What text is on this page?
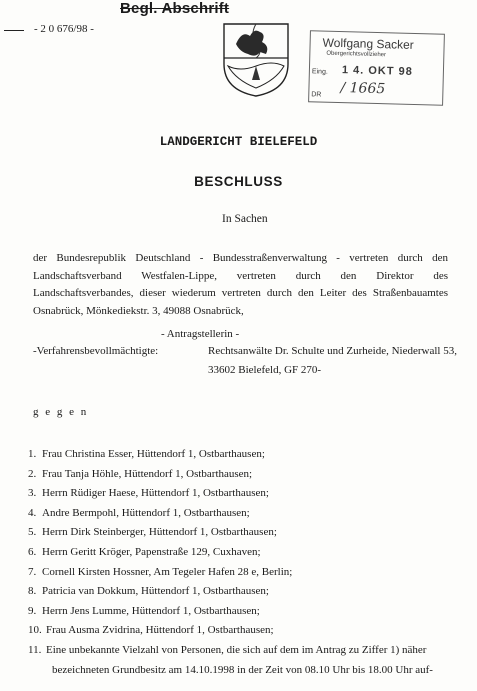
- 2 0 676/98 -
Begl. Abschrift
Wolfgang Sacker
Obergerichtsvollzieher
Eing. 1 4. OKT 98
DR / 1665
LANDGERICHT BIELEFELD
BESCHLUSS
In Sachen
der Bundesrepublik Deutschland - Bundesstraßenverwaltung - vertreten durch den Landschaftsverband Westfalen-Lippe, vertreten durch den Direktor des Landschaftsverbandes, dieser wiederum vertreten durch den Leiter des Straßenbauamtes Osnabrück, Mönkediekstr. 3, 49088 Osnabrück,
- Antragstellerin -
-Verfahrensbevollmächtigte:	Rechtsanwälte Dr. Schulte und Zurheide, Niederwall 53,
33602 Bielefeld, GF 270-
g e g e n
1. Frau Christina Esser, Hüttendorf 1, Ostbarthausen;
2. Frau Tanja Höhle, Hüttendorf 1, Ostbarthausen;
3. Herrn Rüdiger Haese, Hüttendorf 1, Ostbarthausen;
4. Andre Bermpohl, Hüttendorf 1, Ostbarthausen;
5. Herrn Dirk Steinberger, Hüttendorf 1, Ostbarthausen;
6. Herrn Geritt Kröger, Papenstraße 129, Cuxhaven;
7. Cornell Kirsten Hossner, Am Tegeler Hafen 28 e, Berlin;
8. Patricia van Dokkum, Hüttendorf 1, Ostbarthausen;
9. Herrn Jens Lumme, Hüttendorf 1, Ostbarthausen;
10. Frau Ausma Zvidrina, Hüttendorf 1, Ostbarthausen;
11. Eine unbekannte Vielzahl von Personen, die sich auf dem im Antrag zu Ziffer 1) näher
bezeichneten Grundbesitz am 14.10.1998 in der Zeit von 08.10 Uhr bis 18.00 Uhr auf-
